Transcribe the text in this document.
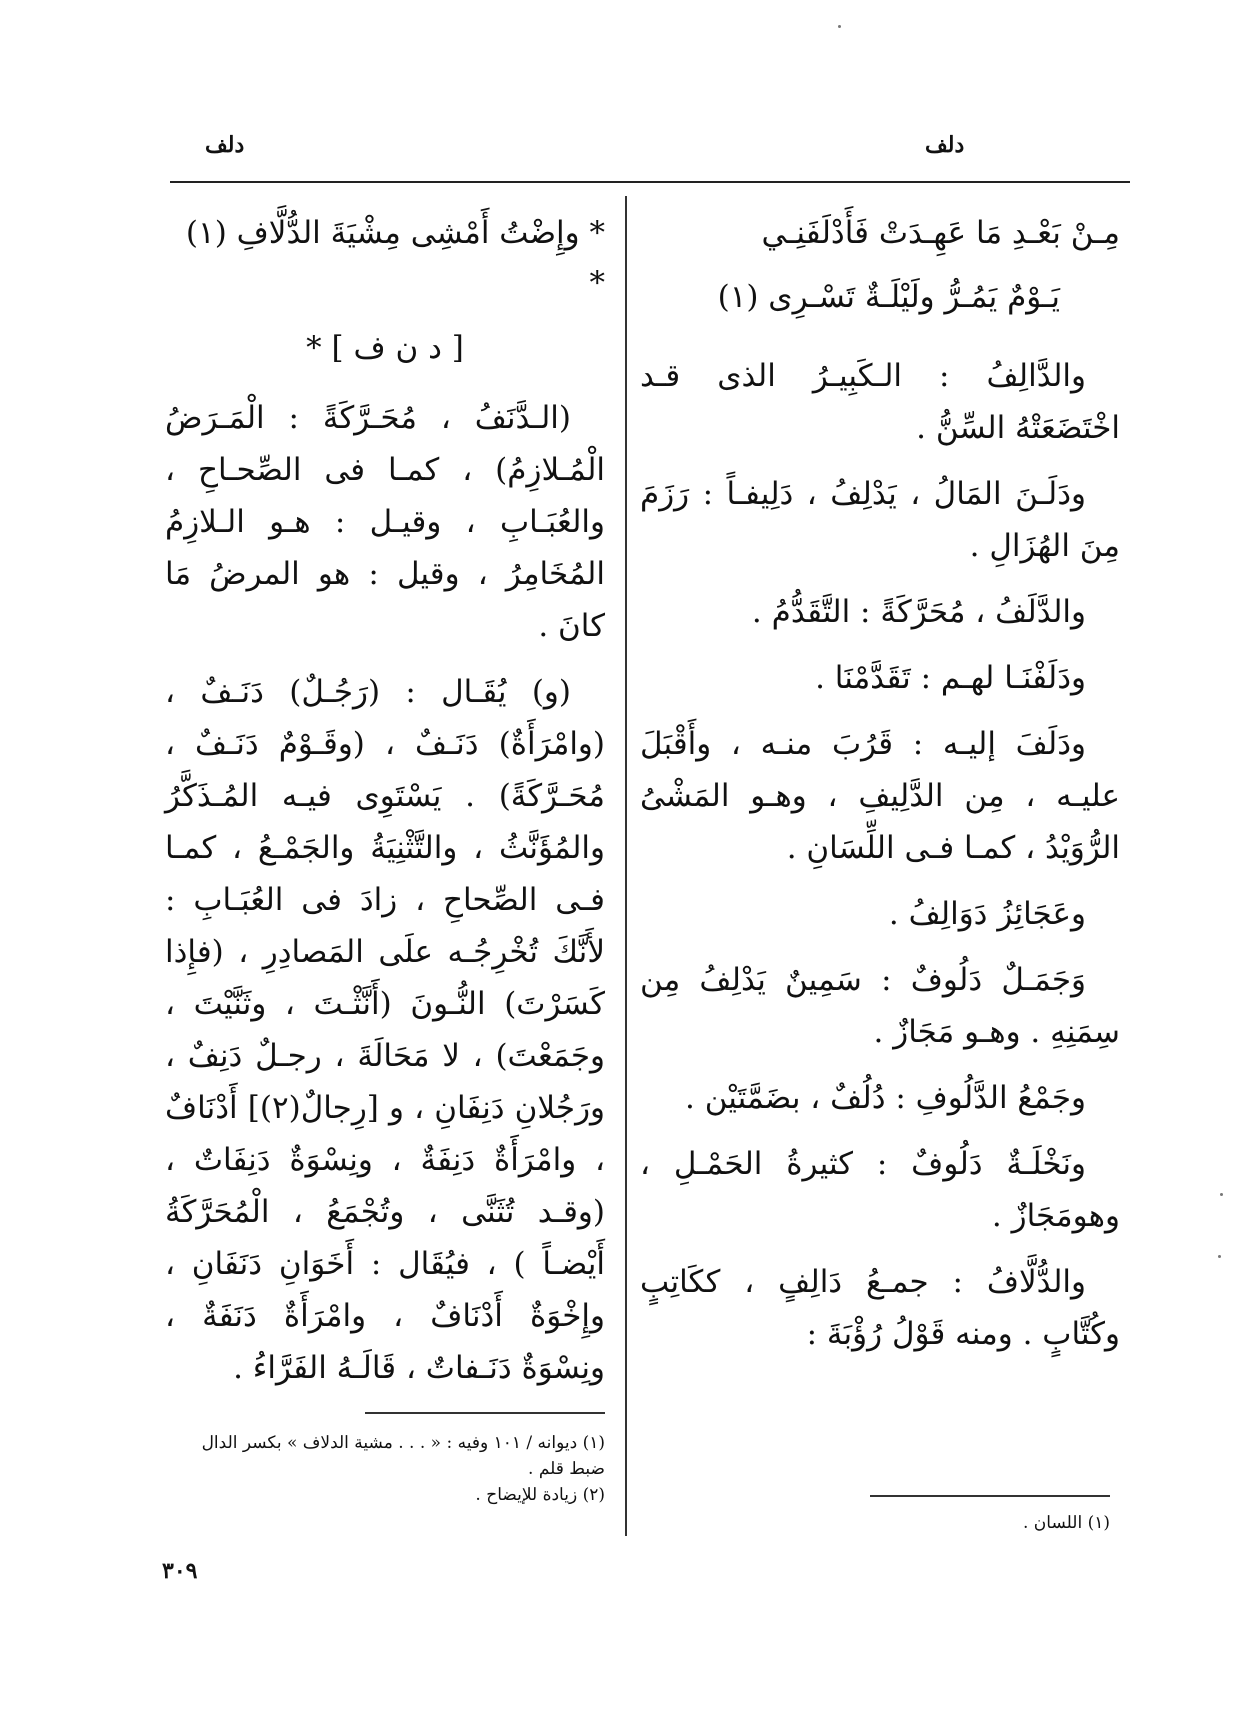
دلف	دلف
مِـنْ بَعْـدِ مَا عَهِـدَتْ فَأَدْلَفَنِـي
يَـوْمٌ يَمُـرُّ ولَيْلَـةٌ تَسْـرِى (١)

والدَّالِفُ : الـكَبِيـرُ الذى قـد اخْتَضَعَتْهُ السِّنُّ .

ودَلَـنَ المَالُ ، يَدْلِفُ ، دَلِيفـاً : رَزَمَ مِنَ الهُزَالِ .

والدَّلَفُ ، مُحَرَّكَةً : التَّقَدُّمُ .

ودَلَفْنَـا لهـم : تَقَدَّمْنَا .

ودَلَفَ إليـه : قَرُبَ منـه ، وأَقْبَلَ عليـه ، مِن الدَّلِيفِ ، وهـو المَشْىُ الرُّوَيْدُ ، كمـا فـى اللِّسَانِ .

وعَجَائِزُ دَوَالِفُ .

وَجَمَـلٌ دَلُوفٌ : سَمِينٌ يَدْلِفُ مِن سِمَنِهِ . وهـو مَجَازٌ .

وجَمْعُ الدَّلُوفِ : دُلُفٌ ، بضَمَّتَيْن .

ونَخْلَـةٌ دَلُوفٌ : كثيرةُ الحَمْـلِ ، وهومَجَازٌ .

والدُّلَّافُ : جمـعُ دَالِفٍ ، ككَاتِبٍ وكُتَّابٍ . ومنه قَوْلُ رُؤْبَةَ :

(١) اللسان .
* وإِضْتُ أَمْشِى مِشْيَةَ الدُّلَّافِ (١) *
[ د ن ف ] *

(الـدَّنَفُ ، مُحَـرَّكَةً : الْمَـرَضُ الْمُـلازِمُ) ، كمـا فى الصِّحـاحِ ، والعُبَـابِ ، وقيـل : هـو الـلازِمُ المُخَامِرُ ، وقيل : هو المرضُ مَا كانَ .

(و) يُقَـال : (رَجُـلٌ) دَنَـفٌ ، (وامْرَأَةٌ) دَنَـفٌ ، (وقَـوْمٌ دَنَـفٌ ، مُحَـرَّكَةً) . يَسْتَوِى فيـه المُـذَكَّرُ والمُؤَنَّثُ ، والتَّثْنِيَةُ والجَمْـعُ ، كمـا فـى الصِّحاحِ ، زادَ فى العُبَـابِ : لأَنَّكَ تُخْرِجُـه علَى المَصادِرِ ، (فإِذا كَسَرْتَ) النُّـونَ (أَنَّثْـتَ ، وثَنَّيْتَ ، وجَمَعْتَ) ، لا مَحَالَةَ ، رجـلٌ دَنِفٌ ، ورَجُلانِ دَنِفَانِ ، و [رِجالٌ(٢)] أَدْنَافٌ ، وامْرَأَةٌ دَنِفَةٌ ، ونِسْوَةٌ دَنِفَاتٌ ، (وقـد تُثَنَّى ، وتُجْمَعُ ، الْمُحَرَّكَةُ أَيْضـاً ) ، فيُقَال : أَخَوَانِ دَنَفَانِ ، وإِخْوَةٌ أَدْنَافٌ ، وامْرَأَةٌ دَنَفَةٌ ، ونِسْوَةٌ دَنَـفاتٌ ، قَالَـهُ الفَرَّاءُ .

(١) ديوانه / ١٠١ وفيه : « . . . مشية الدلاف » بكسر الدال ضبط قلم .
(٢) زيادة للإيضاح .
٣٠٩
